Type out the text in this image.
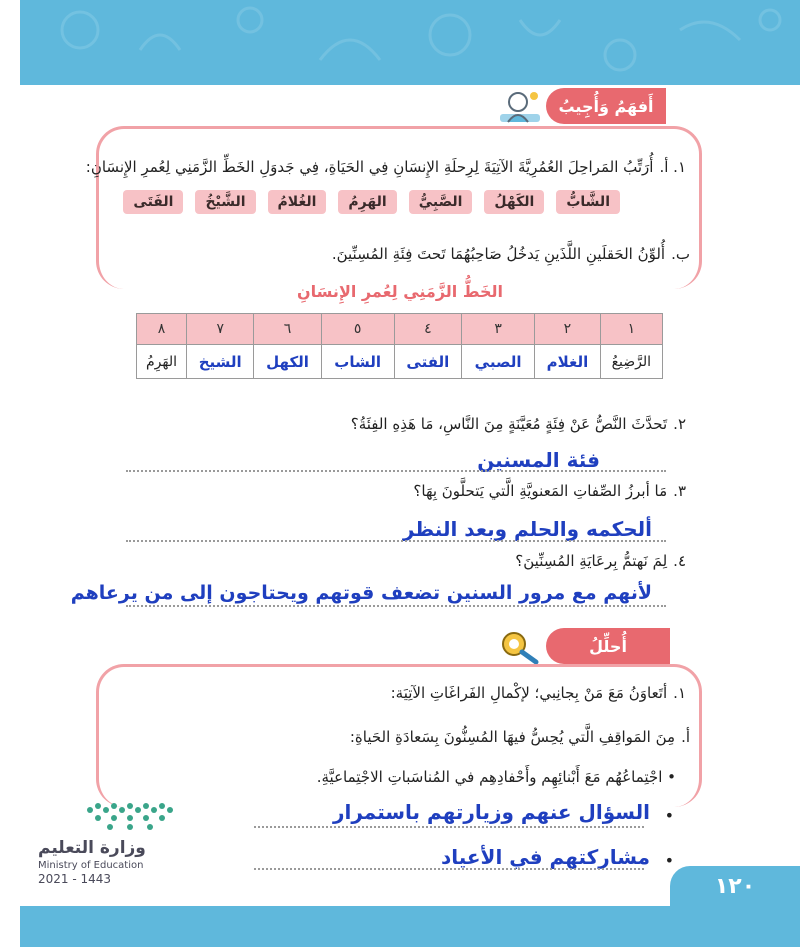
أَفهَمُ وَأُجِيبُ
١. أ.أُرَتِّبُ المَراحِلَ العُمُرِيَّةَ الآتِيَةَ لِرِحلَةِ الإِنسَانِ فِي الحَيَاةِ، فِي جَدوَلِ الخَطِّ الزَّمَنِي لِعُمرِ الإِنسَانِ:
الشَّابُّ
الكَهْلُ
الصَّبِيُّ
الهَرِمُ
الغُلامُ
الشَّيْخُ
الفَتَى
ب.أُلوِّنُ الحَقلَينِ اللَّذَينِ يَدخُلُ صَاحِبُهُمَا تَحتَ فِئَةِ المُسِنِّينَ.
الخَطُّ الزَّمَنِي لِعُمرِ الإِنسَانِ
١	٢	٣	٤	٥	٦	٧	٨
الرَّضِيعُ	الغلام	الصبي	الفتى	الشاب	الكهل	الشيخ	الهَرِمُ
٢.تَحدَّثَ النَّصُّ عَنْ فِئَةٍ مُعَيَّنَةٍ مِنَ النَّاسِ، مَا هَذِهِ الفِئَةُ؟
فئة المسنين
٣.مَا أبرزُ الصِّفاتِ المَعنويَّةِ الَّتي يَتحلَّونَ بِهَا؟
ألحكمه والحلم وبعد النظر
٤.لِمَ نَهتمُّ بِرعَايَةِ المُسِنِّينَ؟
لأنهم مع مرور السنين تضعف قوتهم ويحتاجون إلى من يرعاهم
أُحلِّلُ
١.أتَعاوَنُ مَعَ مَنْ بِجانِبي؛ لإكْمالِ الفَراغَاتِ الآتِيَة:
أ.مِنَ المَواقِفِ الَّتي يُحِسُّ فيهَا المُسِنُّونَ بِسَعادَةِ الحَياةِ:
• اجْتِماعُهُم مَعَ أَبْنائِهِم وأَحْفادِهِم في المُناسَباتِ الاجْتِماعيَّةِ.
•
السؤال عنهم وزيارتهم باستمرار
•
مشاركتهم في الأعياد
وزارة التعليم
Ministry of Education
2021 - 1443	١٢٠
